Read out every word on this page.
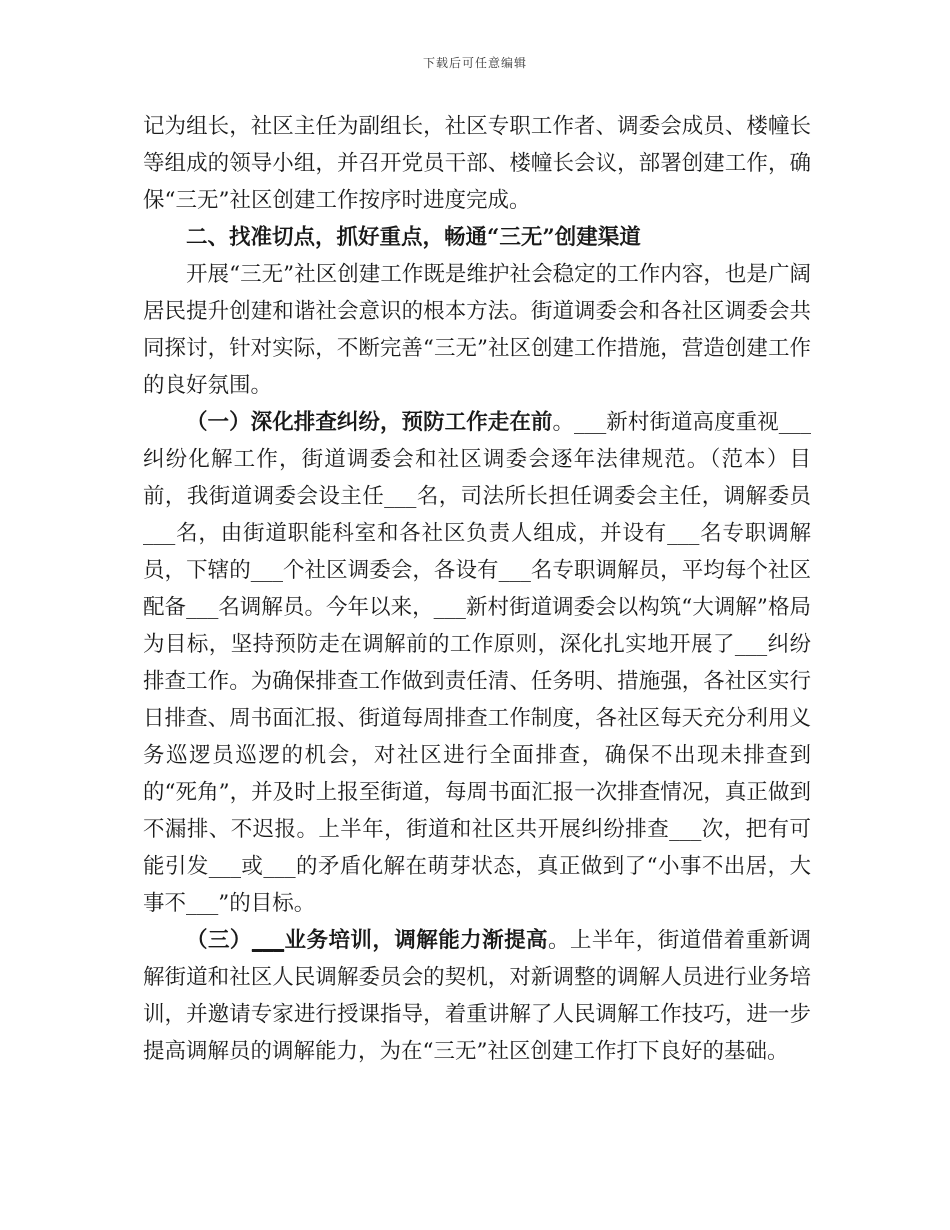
下载后可任意编辑

记为组长，社区主任为副组长，社区专职工作者、调委会成员、楼幢长等组成的领导小组，并召开党员干部、楼幢长会议，部署创建工作，确保“三无”社区创建工作按序时进度完成。

二、找准切点，抓好重点，畅通“三无”创建渠道

开展“三无”社区创建工作既是维护社会稳定的工作内容，也是广阔居民提升创建和谐社会意识的根本方法。街道调委会和各社区调委会共同探讨，针对实际，不断完善“三无”社区创建工作措施，营造创建工作的良好氛围。

（一）深化排查纠纷，预防工作走在前。___新村街道高度重视___纠纷化解工作，街道调委会和社区调委会逐年法律规范。（范本）目前，我街道调委会设主任___名，司法所长担任调委会主任，调解委员___名，由街道职能科室和各社区负责人组成，并设有___名专职调解员，下辖的___个社区调委会，各设有___名专职调解员，平均每个社区配备___名调解员。今年以来，___新村街道调委会以构筑“大调解”格局为目标，坚持预防走在调解前的工作原则，深化扎实地开展了___纠纷排查工作。为确保排查工作做到责任清、任务明、措施强，各社区实行日排查、周书面汇报、街道每周排查工作制度，各社区每天充分利用义务巡逻员巡逻的机会，对社区进行全面排查，确保不出现未排查到的“死角”，并及时上报至街道，每周书面汇报一次排查情况，真正做到不漏排、不迟报。上半年，街道和社区共开展纠纷排查___次，把有可能引发___或___的矛盾化解在萌芽状态，真正做到了“小事不出居，大事不___”的目标。

（三）___业务培训，调解能力渐提高。上半年，街道借着重新调解街道和社区人民调解委员会的契机，对新调整的调解人员进行业务培训，并邀请专家进行授课指导，着重讲解了人民调解工作技巧，进一步提高调解员的调解能力，为在“三无”社区创建工作打下良好的基础。
